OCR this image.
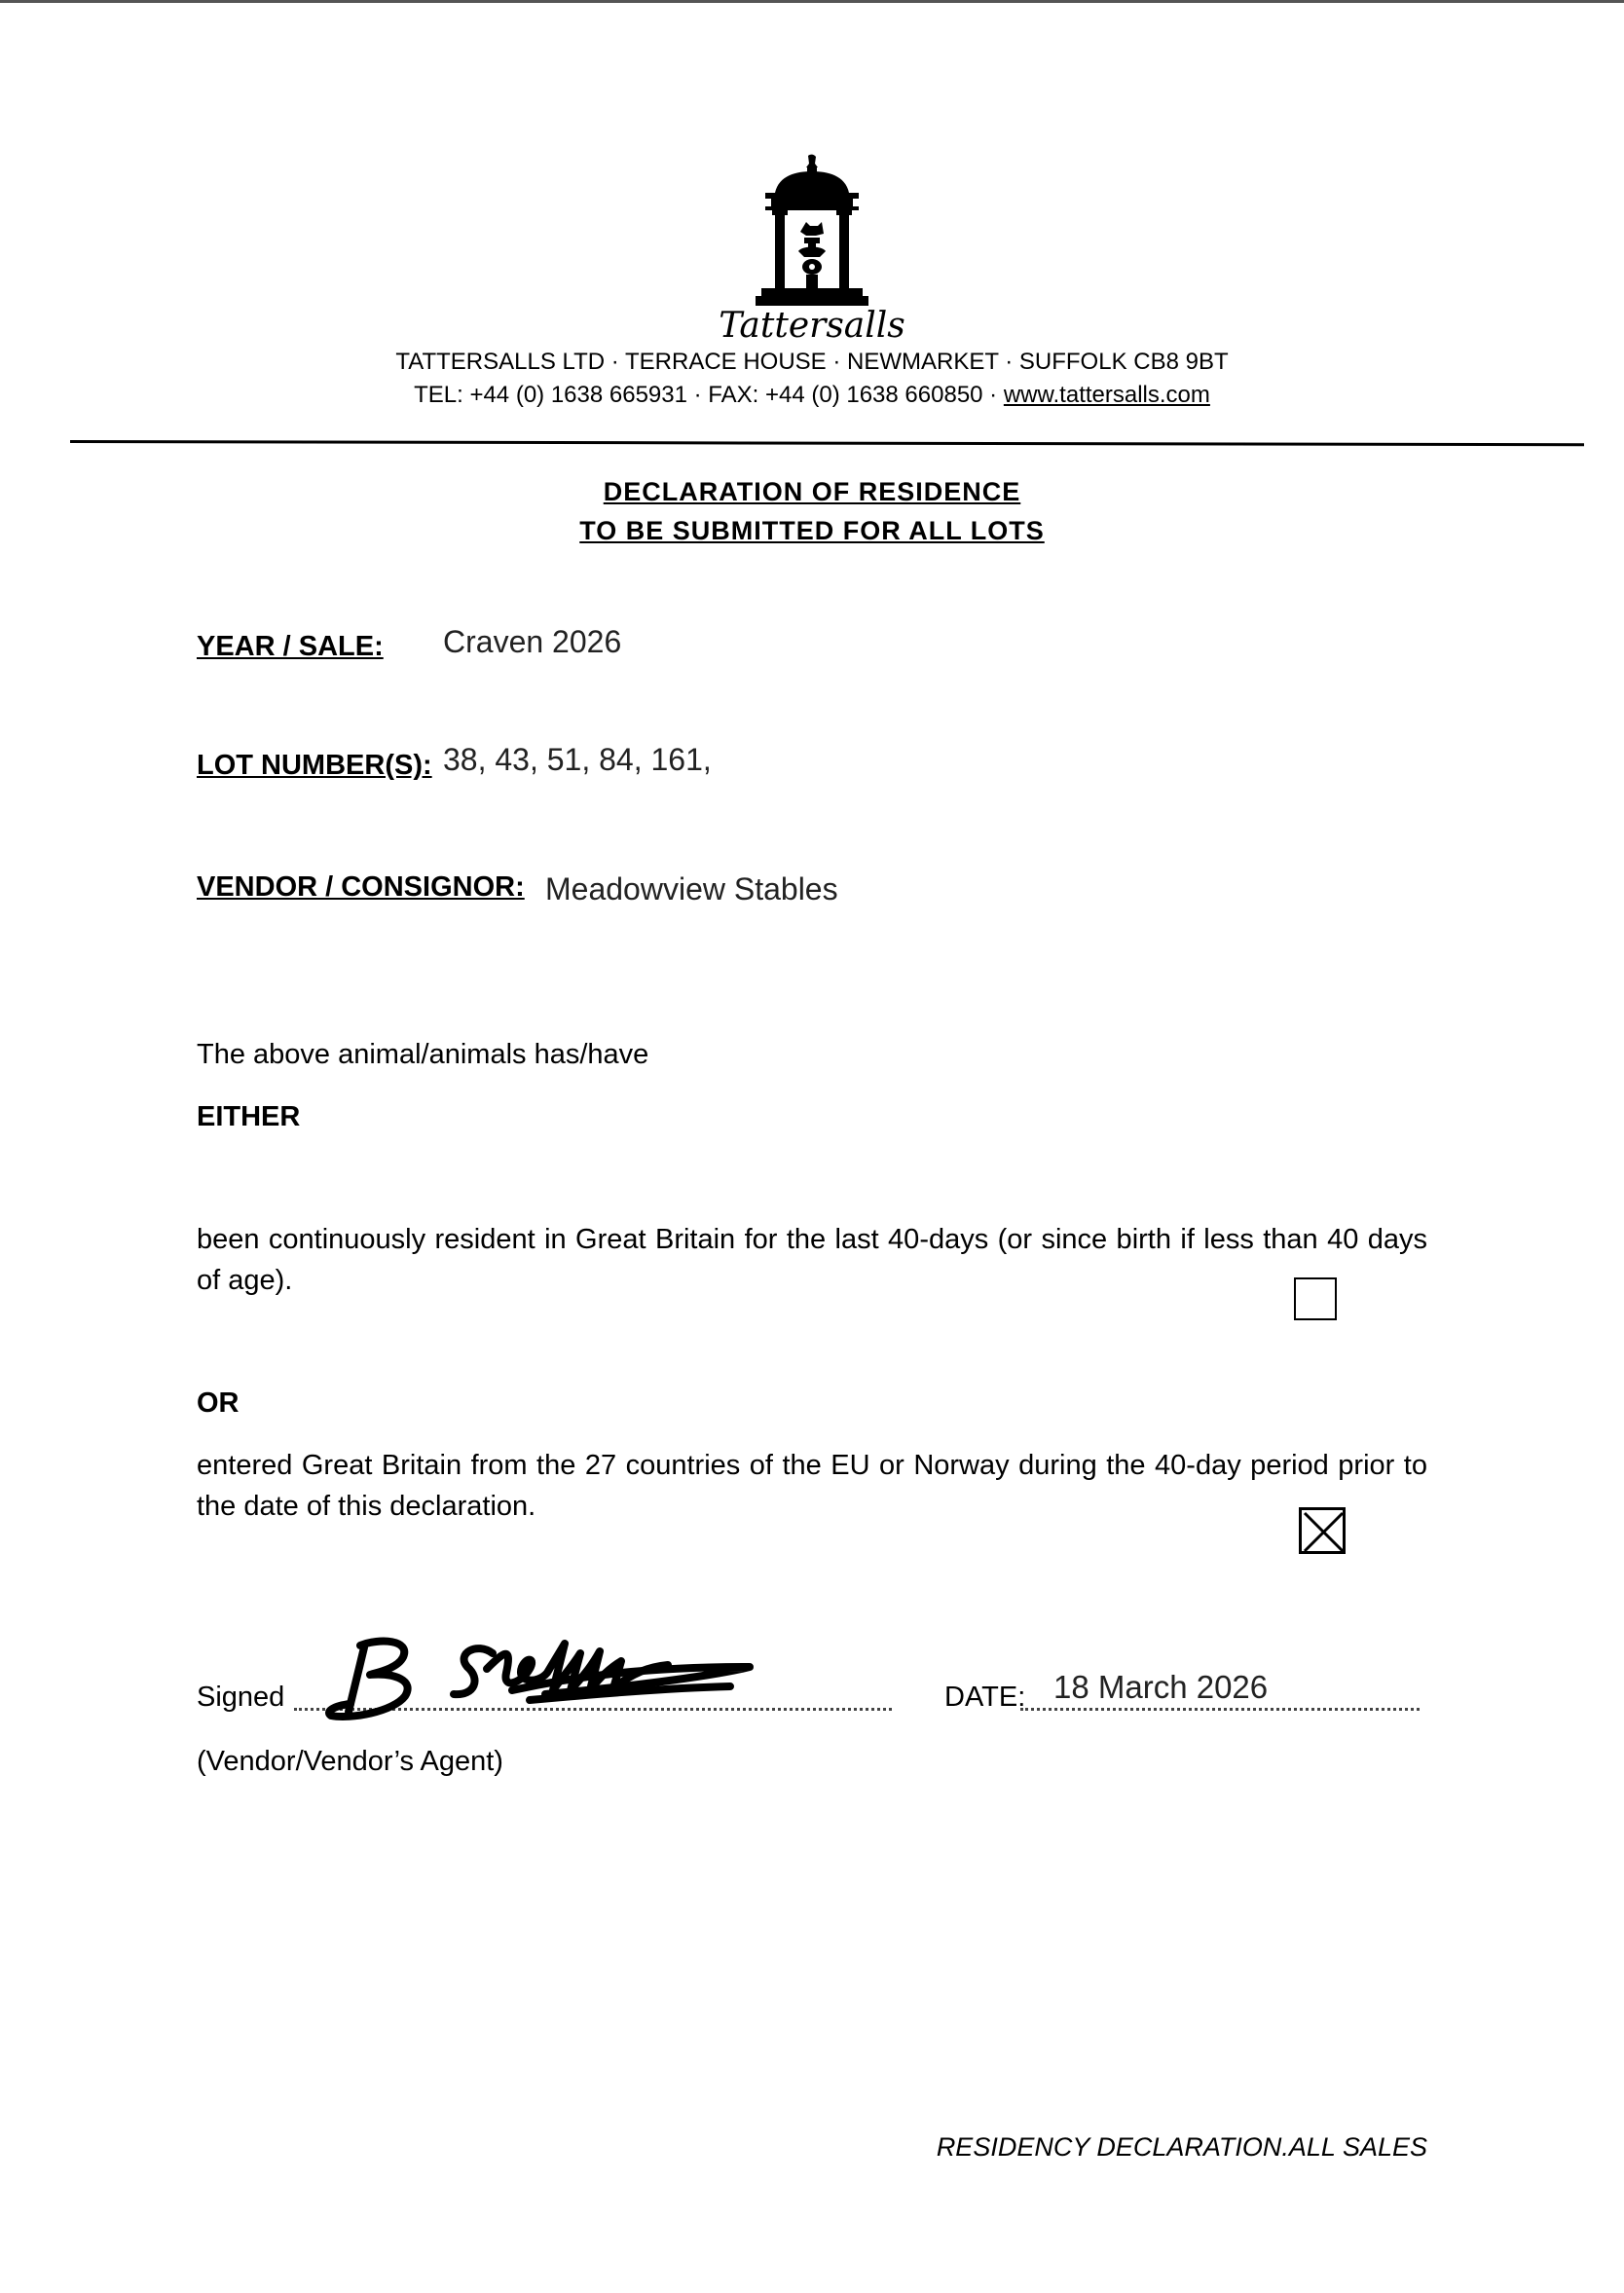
Tattersalls
TATTERSALLS LTD · TERRACE HOUSE · NEWMARKET · SUFFOLK CB8 9BT
TEL: +44 (0) 1638 665931 · FAX: +44 (0) 1638 660850 · www.tattersalls.com
DECLARATION OF RESIDENCE
TO BE SUBMITTED FOR ALL LOTS
YEAR / SALE: Craven 2026
LOT NUMBER(S): 38, 43, 51, 84, 161,
VENDOR / CONSIGNOR: Meadowview Stables
The above animal/animals has/have
EITHER
been continuously resident in Great Britain for the last 40-days (or since birth if less than 40 days of age).
OR
entered Great Britain from the 27 countries of the EU or Norway during the 40-day period prior to the date of this declaration.
Signed	DATE: 18 March 2026
(Vendor/Vendor’s Agent)
RESIDENCY DECLARATION.ALL SALES
